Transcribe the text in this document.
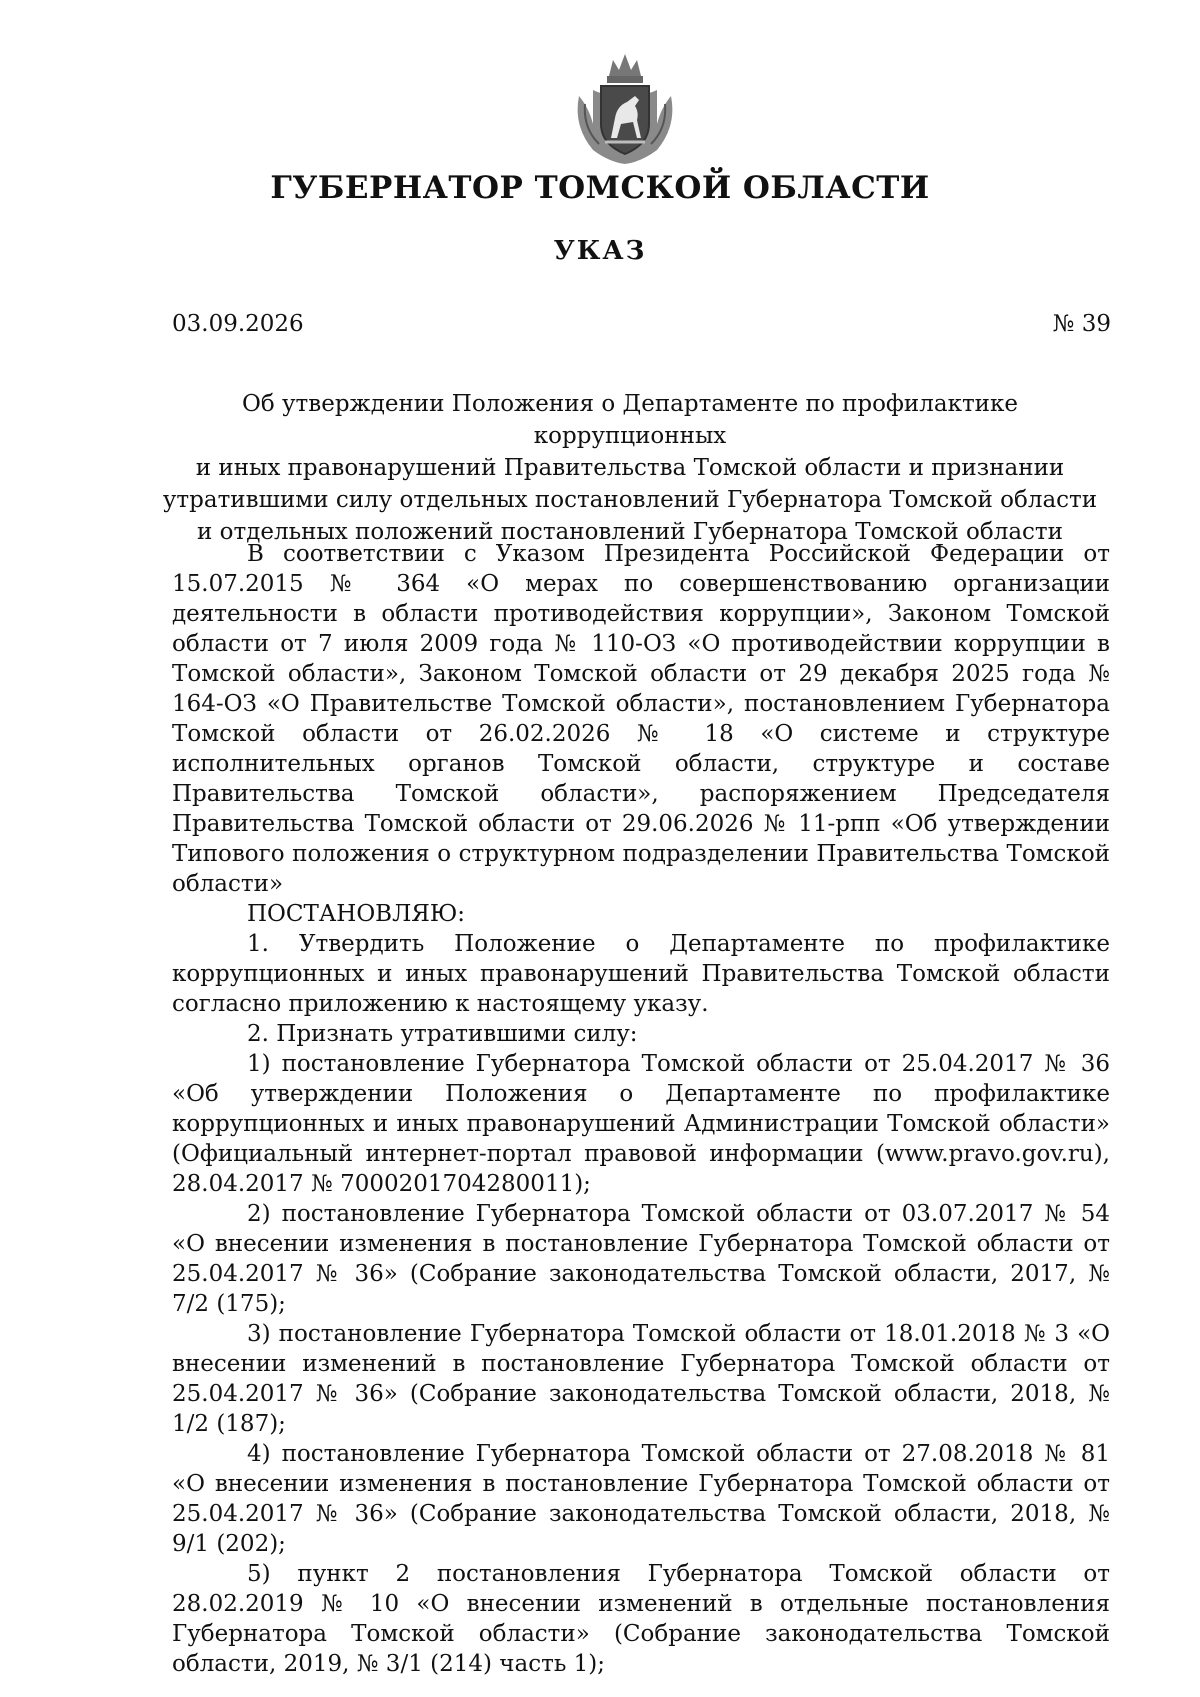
ГУБЕРНАТОР ТОМСКОЙ ОБЛАСТИ
УКАЗ
03.09.2026	№ 39
Об утверждении Положения о Департаменте по профилактике коррупционных
и иных правонарушений Правительства Томской области и признании
утратившими силу отдельных постановлений Губернатора Томской области
и отдельных положений постановлений Губернатора Томской области

В соответствии с Указом Президента Российской Федерации от 15.07.2015 № 364 «О мерах по совершенствованию организации деятельности в области противодействия коррупции», Законом Томской области от 7 июля 2009 года № 110-ОЗ «О противодействии коррупции в Томской области», Законом Томской области от 29 декабря 2025 года № 164-ОЗ «О Правительстве Томской области», постановлением Губернатора Томской области от 26.02.2026 № 18 «О системе и структуре исполнительных органов Томской области, структуре и составе Правительства Томской области», распоряжением Председателя Правительства Томской области от 29.06.2026 № 11-рпп «Об утверждении Типового положения о структурном подразделении Правительства Томской области»

ПОСТАНОВЛЯЮ:

1. Утвердить Положение о Департаменте по профилактике коррупционных и иных правонарушений Правительства Томской области согласно приложению к настоящему указу.

2. Признать утратившими силу:

1) постановление Губернатора Томской области от 25.04.2017 № 36 «Об утверждении Положения о Департаменте по профилактике коррупционных и иных правонарушений Администрации Томской области» (Официальный интернет-портал правовой информации (www.pravo.gov.ru), 28.04.2017 № 7000201704280011);

2) постановление Губернатора Томской области от 03.07.2017 № 54 «О внесении изменения в постановление Губернатора Томской области от 25.04.2017 № 36» (Собрание законодательства Томской области, 2017, № 7/2 (175);

3) постановление Губернатора Томской области от 18.01.2018 № 3 «О внесении изменений в постановление Губернатора Томской области от 25.04.2017 № 36» (Собрание законодательства Томской области, 2018, № 1/2 (187);

4) постановление Губернатора Томской области от 27.08.2018 № 81 «О внесении изменения в постановление Губернатора Томской области от 25.04.2017 № 36» (Собрание законодательства Томской области, 2018, № 9/1 (202);

5) пункт 2 постановления Губернатора Томской области от 28.02.2019 № 10 «О внесении изменений в отдельные постановления Губернатора Томской области» (Собрание законодательства Томской области, 2019, № 3/1 (214) часть 1);
